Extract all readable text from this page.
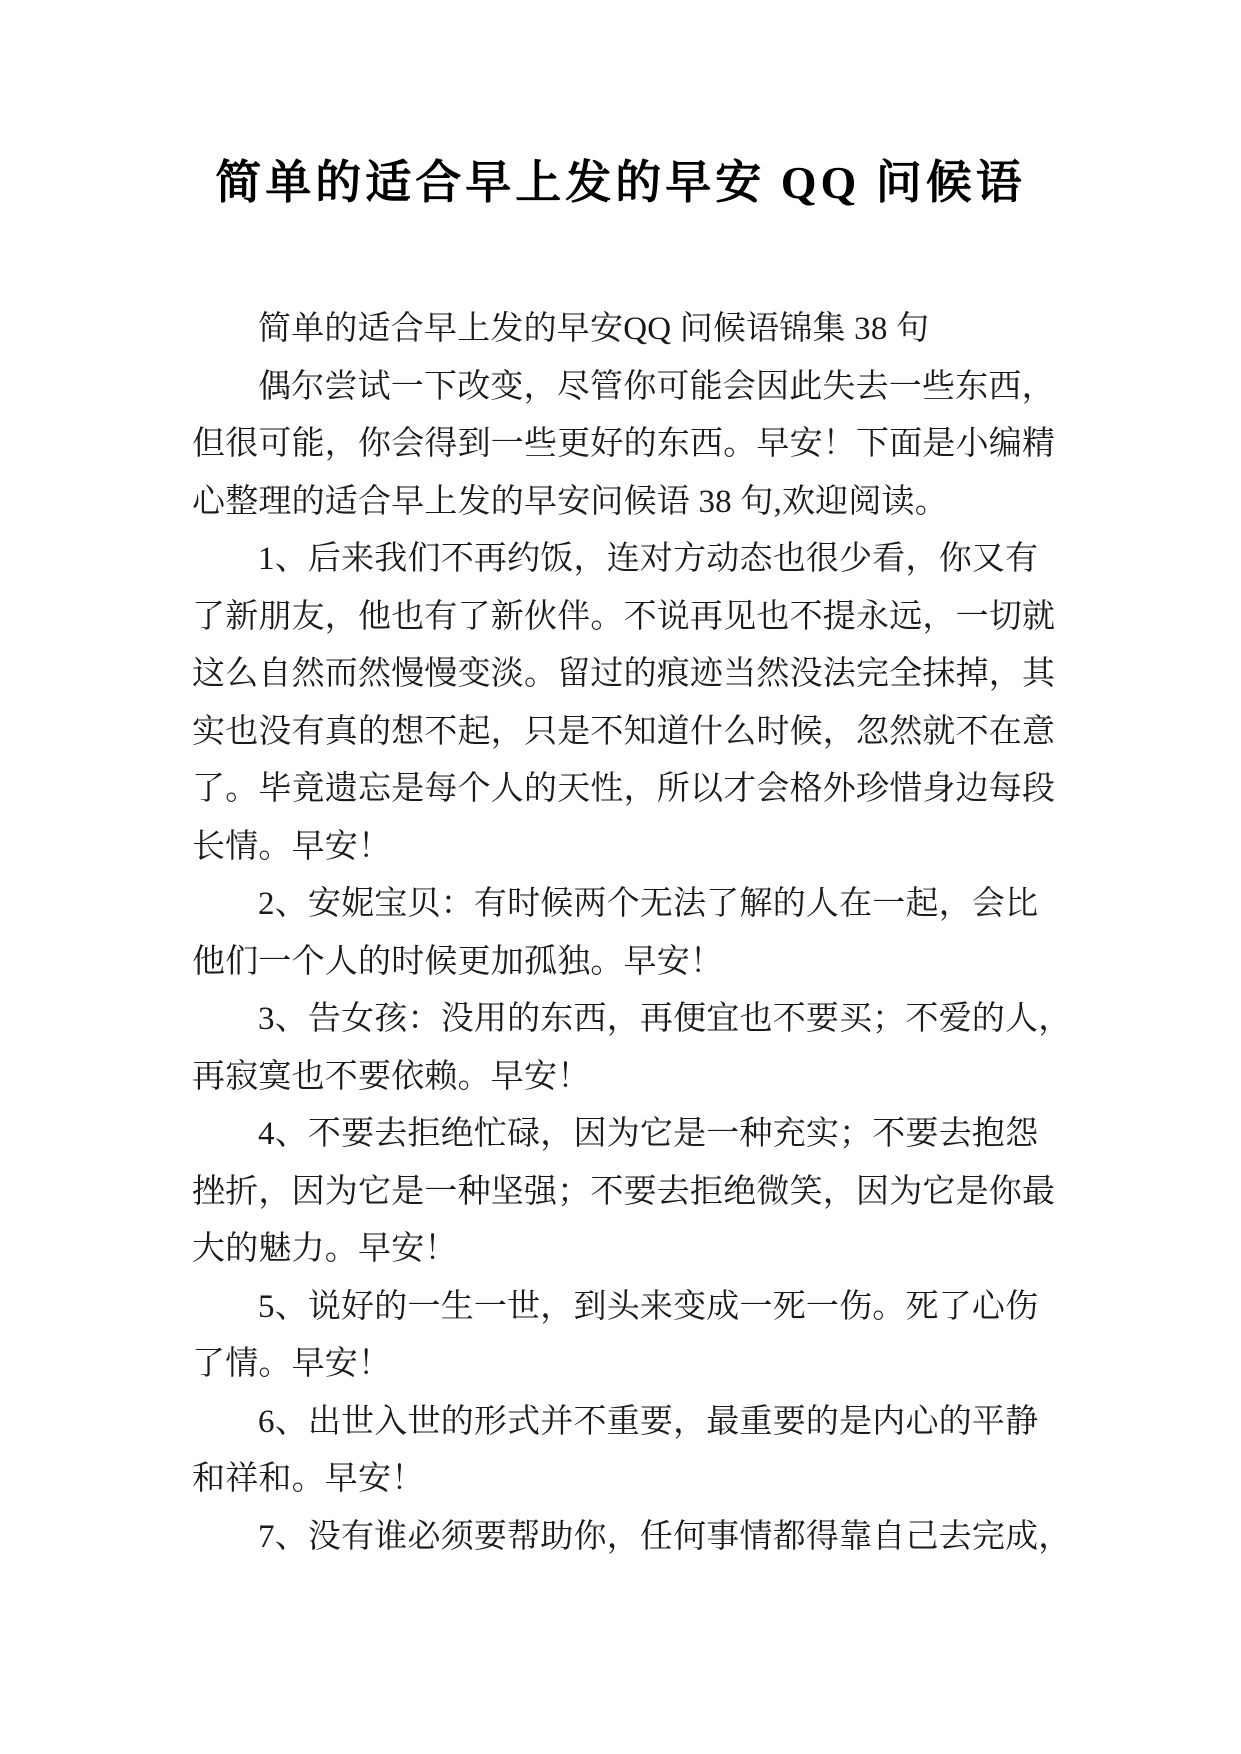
简单的适合早上发的早安 QQ 问候语
简单的适合早上发的早安QQ 问候语锦集 38 句
偶尔尝试一下改变，尽管你可能会因此失去一些东西，
但很可能，你会得到一些更好的东西。早安！下面是小编精
心整理的适合早上发的早安问候语 38 句,欢迎阅读。
1、后来我们不再约饭，连对方动态也很少看，你又有
了新朋友，他也有了新伙伴。不说再见也不提永远，一切就
这么自然而然慢慢变淡。留过的痕迹当然没法完全抹掉，其
实也没有真的想不起，只是不知道什么时候，忽然就不在意
了。毕竟遗忘是每个人的天性，所以才会格外珍惜身边每段
长情。早安！
2、安妮宝贝：有时候两个无法了解的人在一起，会比
他们一个人的时候更加孤独。早安！
3、告女孩：没用的东西，再便宜也不要买；不爱的人，
再寂寞也不要依赖。早安！
4、不要去拒绝忙碌，因为它是一种充实；不要去抱怨
挫折，因为它是一种坚强；不要去拒绝微笑，因为它是你最
大的魅力。早安！
5、说好的一生一世，到头来变成一死一伤。死了心伤
了情。早安！
6、出世入世的形式并不重要，最重要的是内心的平静
和祥和。早安！
7、没有谁必须要帮助你，任何事情都得靠自己去完成，
